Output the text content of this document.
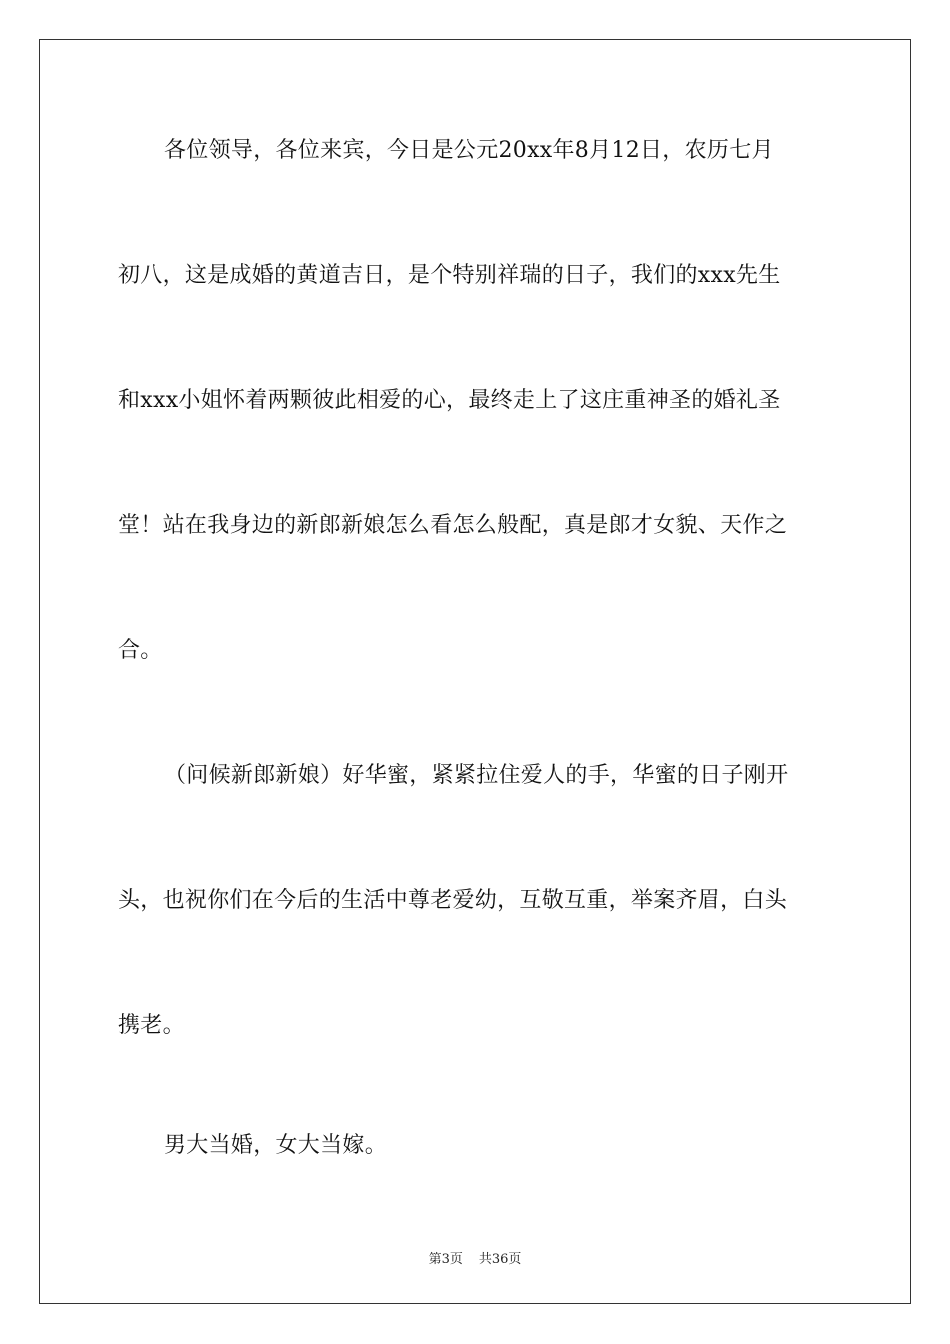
各位领导，各位来宾，今日是公元20xx年8月12日，农历七月
初八，这是成婚的黄道吉日，是个特别祥瑞的日子，我们的xxx先生
和xxx小姐怀着两颗彼此相爱的心，最终走上了这庄重神圣的婚礼圣
堂！站在我身边的新郎新娘怎么看怎么般配，真是郎才女貌、天作之
合。
（问候新郎新娘）好华蜜，紧紧拉住爱人的手，华蜜的日子刚开
头，也祝你们在今后的生活中尊老爱幼，互敬互重，举案齐眉，白头
携老。
男大当婚，女大当嫁。
第3页 共36页
